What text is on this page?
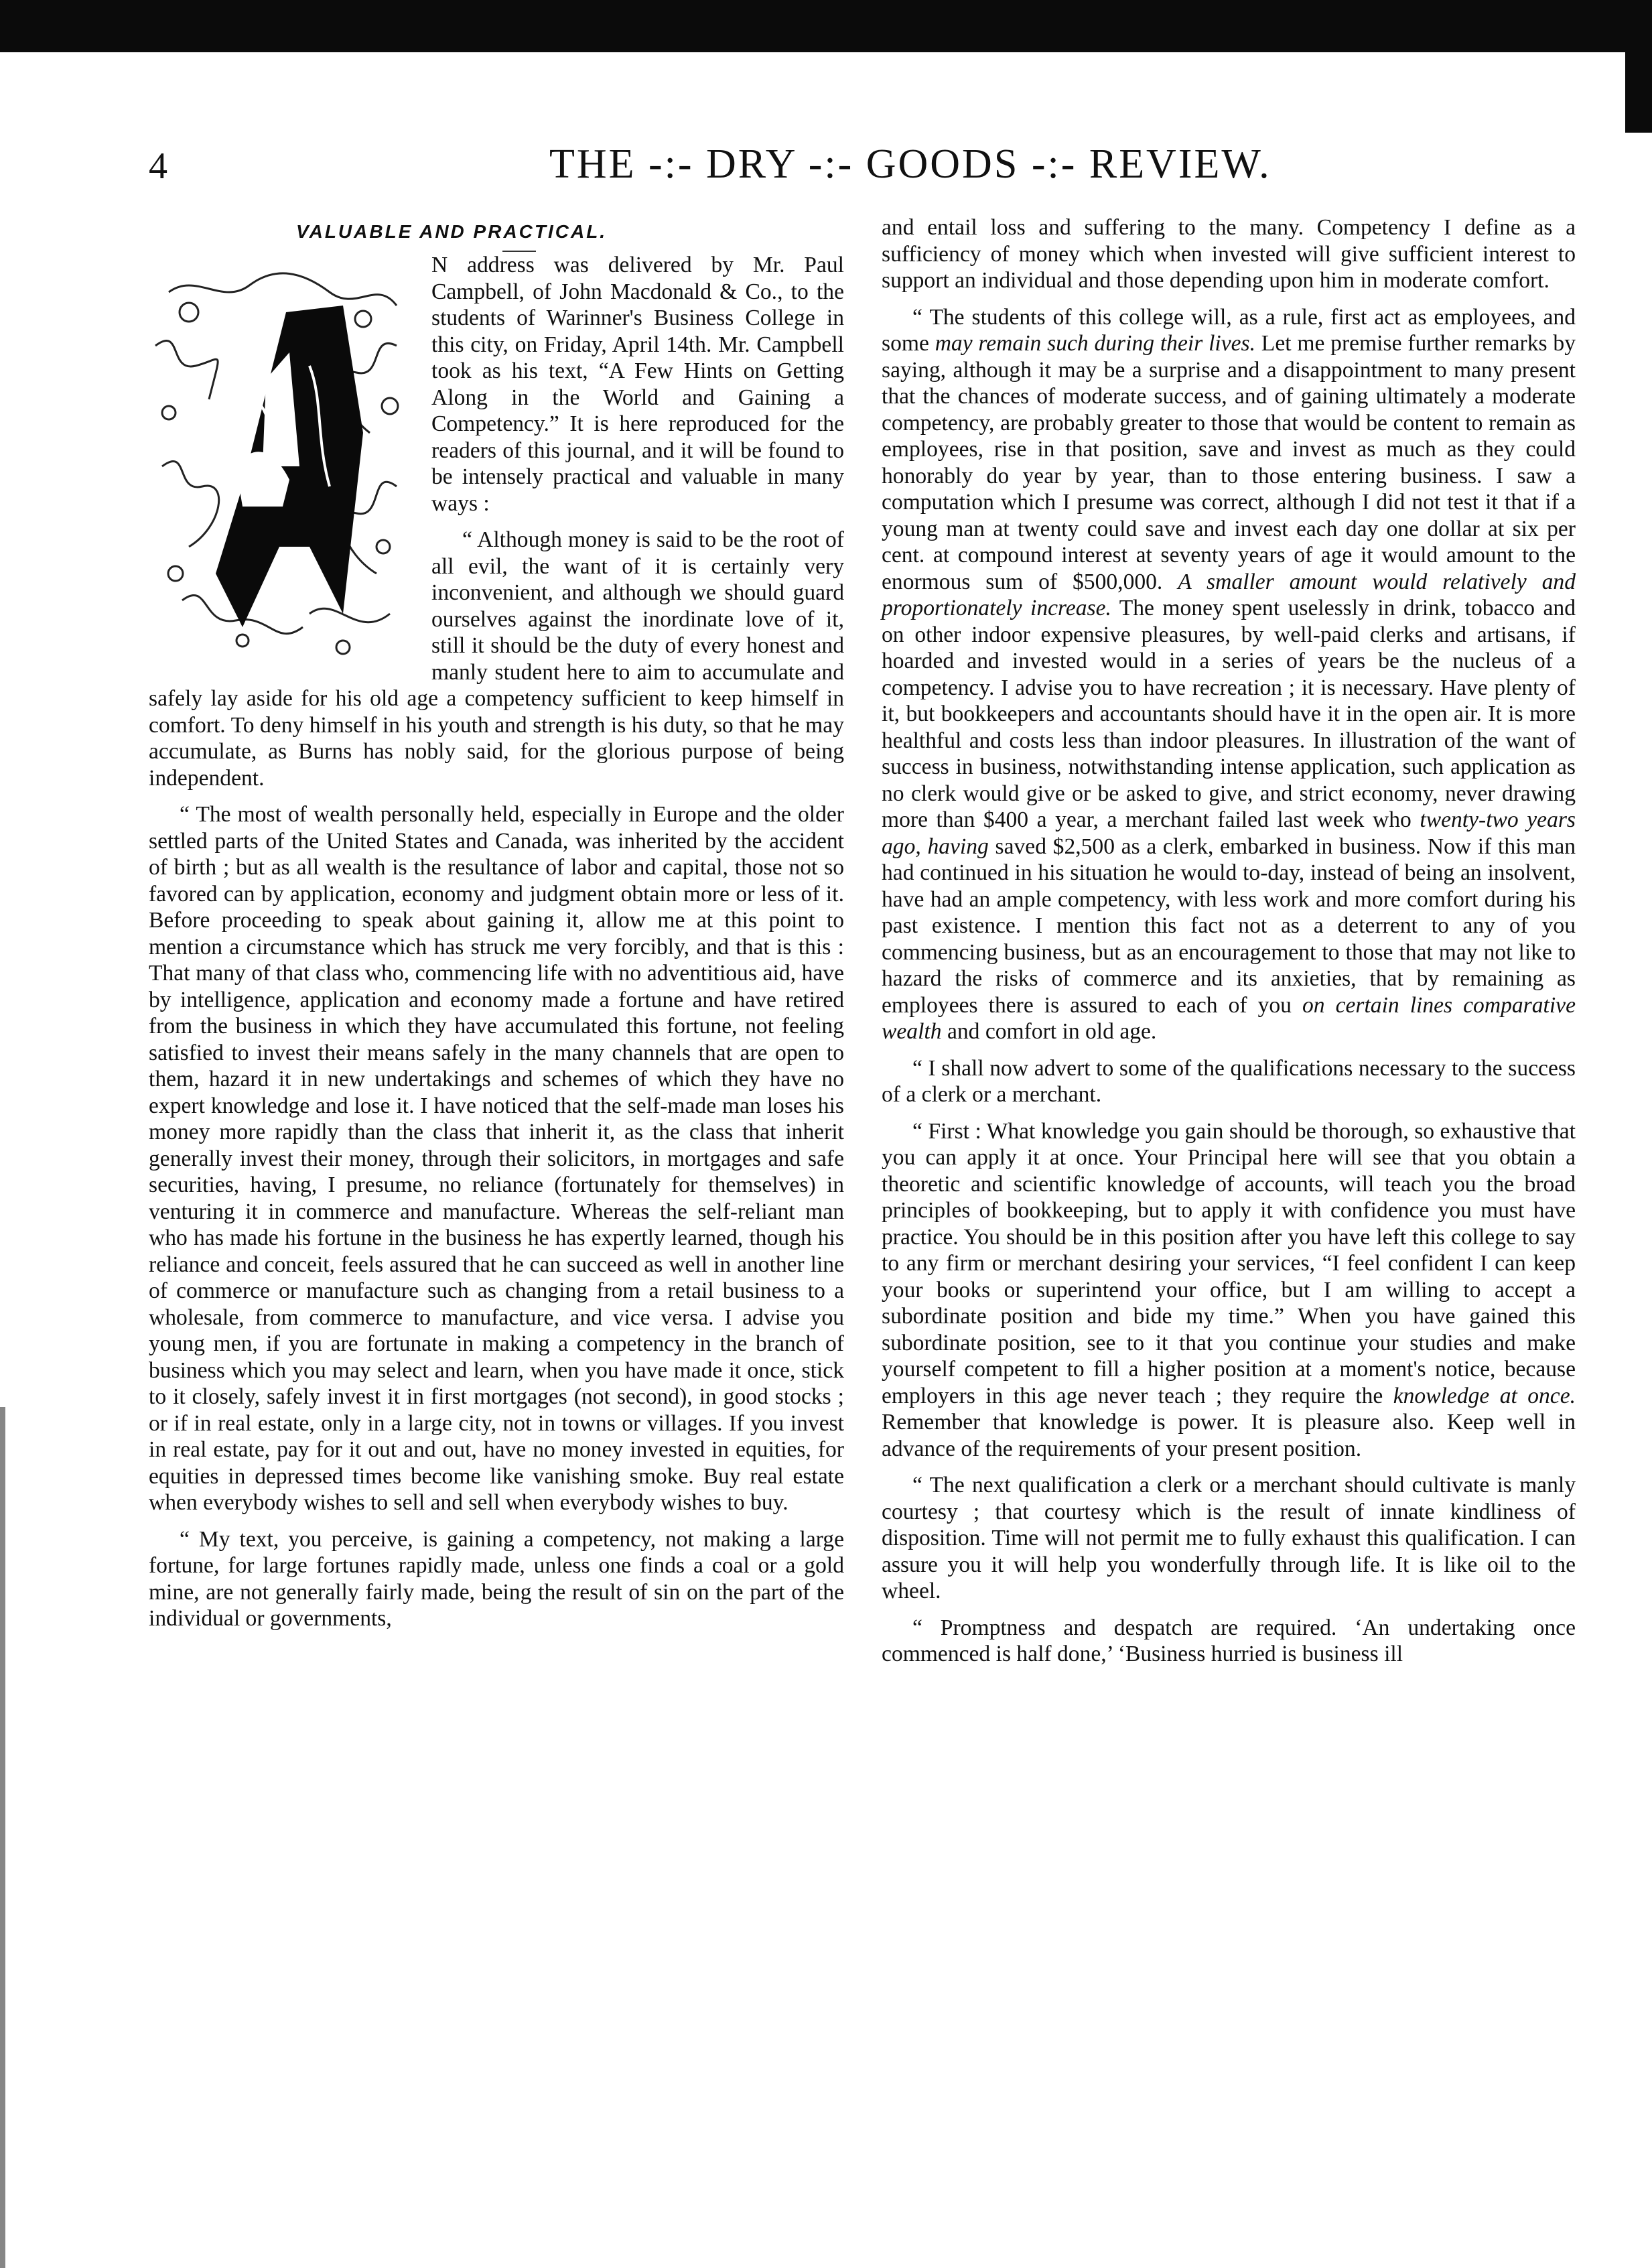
4	THE -:- DRY -:- GOODS -:- REVIEW.
VALUABLE AND PRACTICAL.

N address was delivered by Mr. Paul Campbell, of John Macdonald & Co., to the students of Warinner's Business College in this city, on Friday, April 14th. Mr. Campbell took as his text, “A Few Hints on Getting Along in the World and Gaining a Competency.” It is here reproduced for the readers of this journal, and it will be found to be intensely practical and valuable in many ways :

“ Although money is said to be the root of all evil, the want of it is certainly very inconvenient, and although we should guard ourselves against the inordinate love of it, still it should be the duty of every honest and manly student here to aim to accumulate and safely lay aside for his old age a competency sufficient to keep himself in comfort. To deny himself in his youth and strength is his duty, so that he may accumulate, as Burns has nobly said, for the glorious purpose of being independent.

“ The most of wealth personally held, especially in Europe and the older settled parts of the United States and Canada, was inherited by the accident of birth ; but as all wealth is the resultance of labor and capital, those not so favored can by application, economy and judgment obtain more or less of it. Before proceeding to speak about gaining it, allow me at this point to mention a circumstance which has struck me very forcibly, and that is this : That many of that class who, commencing life with no adventitious aid, have by intelligence, application and economy made a fortune and have retired from the business in which they have accumulated this fortune, not feeling satisfied to invest their means safely in the many channels that are open to them, hazard it in new undertakings and schemes of which they have no expert knowledge and lose it. I have noticed that the self-made man loses his money more rapidly than the class that inherit it, as the class that inherit generally invest their money, through their solicitors, in mortgages and safe securities, having, I presume, no reliance (fortunately for themselves) in venturing it in commerce and manufacture. Whereas the self-reliant man who has made his fortune in the business he has expertly learned, though his reliance and conceit, feels assured that he can succeed as well in another line of commerce or manufacture such as changing from a retail business to a wholesale, from commerce to manufacture, and vice versa. I advise you young men, if you are fortunate in making a competency in the branch of business which you may select and learn, when you have made it once, stick to it closely, safely invest it in first mortgages (not second), in good stocks ; or if in real estate, only in a large city, not in towns or villages. If you invest in real estate, pay for it out and out, have no money invested in equities, for equities in depressed times become like vanishing smoke. Buy real estate when everybody wishes to sell and sell when everybody wishes to buy.

“ My text, you perceive, is gaining a competency, not making a large fortune, for large fortunes rapidly made, unless one finds a coal or a gold mine, are not generally fairly made, being the result of sin on the part of the individual or governments,

and entail loss and suffering to the many. Competency I define as a sufficiency of money which when invested will give sufficient interest to support an individual and those depending upon him in moderate comfort.

“ The students of this college will, as a rule, first act as employees, and some may remain such during their lives. Let me premise further remarks by saying, although it may be a surprise and a disappointment to many present that the chances of moderate success, and of gaining ultimately a moderate competency, are probably greater to those that would be content to remain as employees, rise in that position, save and invest as much as they could honorably do year by year, than to those entering business. I saw a computation which I presume was correct, although I did not test it that if a young man at twenty could save and invest each day one dollar at six per cent. at compound interest at seventy years of age it would amount to the enormous sum of $500,000. A smaller amount would relatively and proportionately increase. The money spent uselessly in drink, tobacco and on other indoor expensive pleasures, by well-paid clerks and artisans, if hoarded and invested would in a series of years be the nucleus of a competency. I advise you to have recreation ; it is necessary. Have plenty of it, but bookkeepers and accountants should have it in the open air. It is more healthful and costs less than indoor pleasures. In illustration of the want of success in business, notwithstanding intense application, such application as no clerk would give or be asked to give, and strict economy, never drawing more than $400 a year, a merchant failed last week who twenty-two years ago, having saved $2,500 as a clerk, embarked in business. Now if this man had continued in his situation he would to-day, instead of being an insolvent, have had an ample competency, with less work and more comfort during his past existence. I mention this fact not as a deterrent to any of you commencing business, but as an encouragement to those that may not like to hazard the risks of commerce and its anxieties, that by remaining as employees there is assured to each of you on certain lines comparative wealth and comfort in old age.

“ I shall now advert to some of the qualifications necessary to the success of a clerk or a merchant.

“ First : What knowledge you gain should be thorough, so exhaustive that you can apply it at once. Your Principal here will see that you obtain a theoretic and scientific knowledge of accounts, will teach you the broad principles of bookkeeping, but to apply it with confidence you must have practice. You should be in this position after you have left this college to say to any firm or merchant desiring your services, “I feel confident I can keep your books or superintend your office, but I am willing to accept a subordinate position and bide my time.” When you have gained this subordinate position, see to it that you continue your studies and make yourself competent to fill a higher position at a moment's notice, because employers in this age never teach ; they require the knowledge at once. Remember that knowledge is power. It is pleasure also. Keep well in advance of the requirements of your present position.

“ The next qualification a clerk or a merchant should cultivate is manly courtesy ; that courtesy which is the result of innate kindliness of disposition. Time will not permit me to fully exhaust this qualification. I can assure you it will help you wonderfully through life. It is like oil to the wheel.

“ Promptness and despatch are required. ‘An undertaking once commenced is half done,’ ‘Business hurried is business ill
